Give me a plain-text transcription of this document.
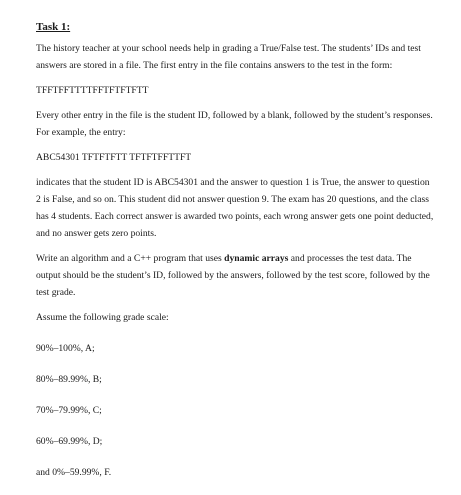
Task 1:

The history teacher at your school needs help in grading a True/False test. The students’ IDs and test answers are stored in a file. The first entry in the file contains answers to the test in the form:

TFFTFFTTTTFFTFTFTFTT

Every other entry in the file is the student ID, followed by a blank, followed by the student’s responses. For example, the entry:

ABC54301 TFTFTFTT TFTFTFFTTFT

indicates that the student ID is ABC54301 and the answer to question 1 is True, the answer to question 2 is False, and so on. This student did not answer question 9. The exam has 20 questions, and the class has 4 students. Each correct answer is awarded two points, each wrong answer gets one point deducted, and no answer gets zero points.

Write an algorithm and a C++ program that uses dynamic arrays and processes the test data. The output should be the student’s ID, followed by the answers, followed by the test score, followed by the test grade.

Assume the following grade scale:

90%–100%, A;

80%–89.99%, B;

70%–79.99%, C;

60%–69.99%, D;

and 0%–59.99%, F.
